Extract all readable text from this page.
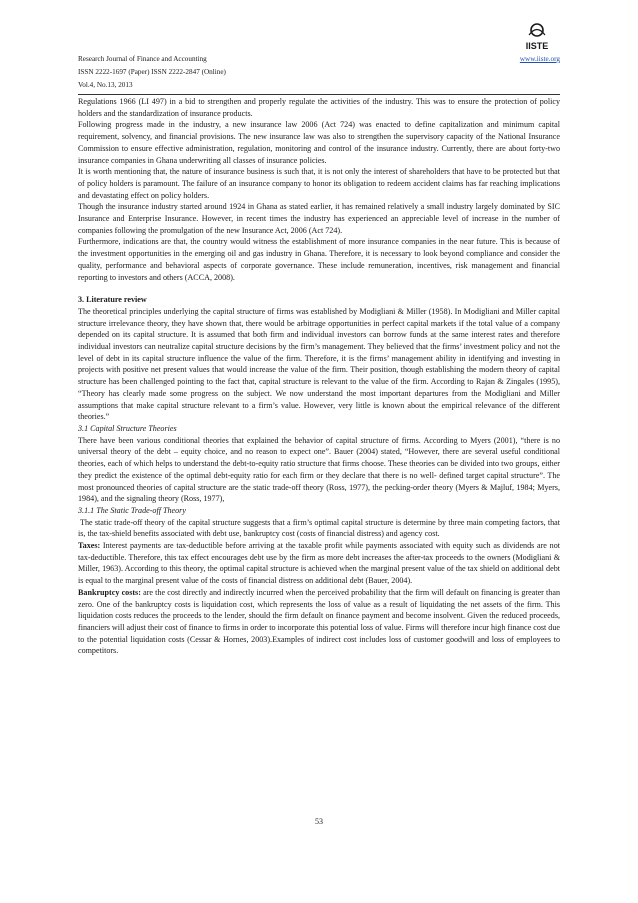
Research Journal of Finance and Accounting
ISSN 2222-1697 (Paper) ISSN 2222-2847 (Online)
Vol.4, No.13, 2013
www.iiste.org
IISTE

Regulations 1966 (LI 497) in a bid to strengthen and properly regulate the activities of the industry. This was to ensure the protection of policy holders and the standardization of insurance products.

Following progress made in the industry, a new insurance law 2006 (Act 724) was enacted to define capitalization and minimum capital requirement, solvency, and financial provisions. The new insurance law was also to strengthen the supervisory capacity of the National Insurance Commission to ensure effective administration, regulation, monitoring and control of the insurance industry. Currently, there are about forty-two insurance companies in Ghana underwriting all classes of insurance policies.

It is worth mentioning that, the nature of insurance business is such that, it is not only the interest of shareholders that have to be protected but that of policy holders is paramount. The failure of an insurance company to honor its obligation to redeem accident claims has far reaching implications and devastating effect on policy holders.

Though the insurance industry started around 1924 in Ghana as stated earlier, it has remained relatively a small industry largely dominated by SIC Insurance and Enterprise Insurance. However, in recent times the industry has experienced an appreciable level of increase in the number of companies following the promulgation of the new Insurance Act, 2006 (Act 724).

Furthermore, indications are that, the country would witness the establishment of more insurance companies in the near future. This is because of the investment opportunities in the emerging oil and gas industry in Ghana. Therefore, it is necessary to look beyond compliance and consider the quality, performance and behavioral aspects of corporate governance. These include remuneration, incentives, risk management and financial reporting to investors and others (ACCA, 2008).

3. Literature review

The theoretical principles underlying the capital structure of firms was established by Modigliani & Miller (1958). In Modigliani and Miller capital structure irrelevance theory, they have shown that, there would be arbitrage opportunities in perfect capital markets if the total value of a company depended on its capital structure. It is assumed that both firm and individual investors can borrow funds at the same interest rates and therefore individual investors can neutralize capital structure decisions by the firm’s management. They believed that the firms’ investment policy and not the level of debt in its capital structure influence the value of the firm. Therefore, it is the firms’ management ability in identifying and investing in projects with positive net present values that would increase the value of the firm. Their position, though establishing the modern theory of capital structure has been challenged pointing to the fact that, capital structure is relevant to the value of the firm. According to Rajan & Zingales (1995), “Theory has clearly made some progress on the subject. We now understand the most important departures from the Modigliani and Miller assumptions that make capital structure relevant to a firm’s value. However, very little is known about the empirical relevance of the different theories.”

3.1 Capital Structure Theories

There have been various conditional theories that explained the behavior of capital structure of firms. According to Myers (2001), “there is no universal theory of the debt – equity choice, and no reason to expect one”. Bauer (2004) stated, “However, there are several useful conditional theories, each of which helps to understand the debt-to-equity ratio structure that firms choose. These theories can be divided into two groups, either they predict the existence of the optimal debt-equity ratio for each firm or they declare that there is no well- defined target capital structure”. The most pronounced theories of capital structure are the static trade-off theory (Ross, 1977), the pecking-order theory (Myers & Majluf, 1984; Myers, 1984), and the signaling theory (Ross, 1977),

3.1.1 The Static Trade-off Theory

The static trade-off theory of the capital structure suggests that a firm’s optimal capital structure is determine by three main competing factors, that is, the tax-shield benefits associated with debt use, bankruptcy cost (costs of financial distress) and agency cost.

Taxes: Interest payments are tax-deductible before arriving at the taxable profit while payments associated with equity such as dividends are not tax-deductible. Therefore, this tax effect encourages debt use by the firm as more debt increases the after-tax proceeds to the owners (Modigliani & Miller, 1963). According to this theory, the optimal capital structure is achieved when the marginal present value of the tax shield on additional debt is equal to the marginal present value of the costs of financial distress on additional debt (Bauer, 2004).

Bankruptcy costs: are the cost directly and indirectly incurred when the perceived probability that the firm will default on financing is greater than zero. One of the bankruptcy costs is liquidation cost, which represents the loss of value as a result of liquidating the net assets of the firm. This liquidation costs reduces the proceeds to the lender, should the firm default on finance payment and become insolvent. Given the reduced proceeds, financiers will adjust their cost of finance to firms in order to incorporate this potential loss of value. Firms will therefore incur high finance cost due to the potential liquidation costs (Cessar & Hornes, 2003).Examples of indirect cost includes loss of customer goodwill and loss of employees to competitors.

53
